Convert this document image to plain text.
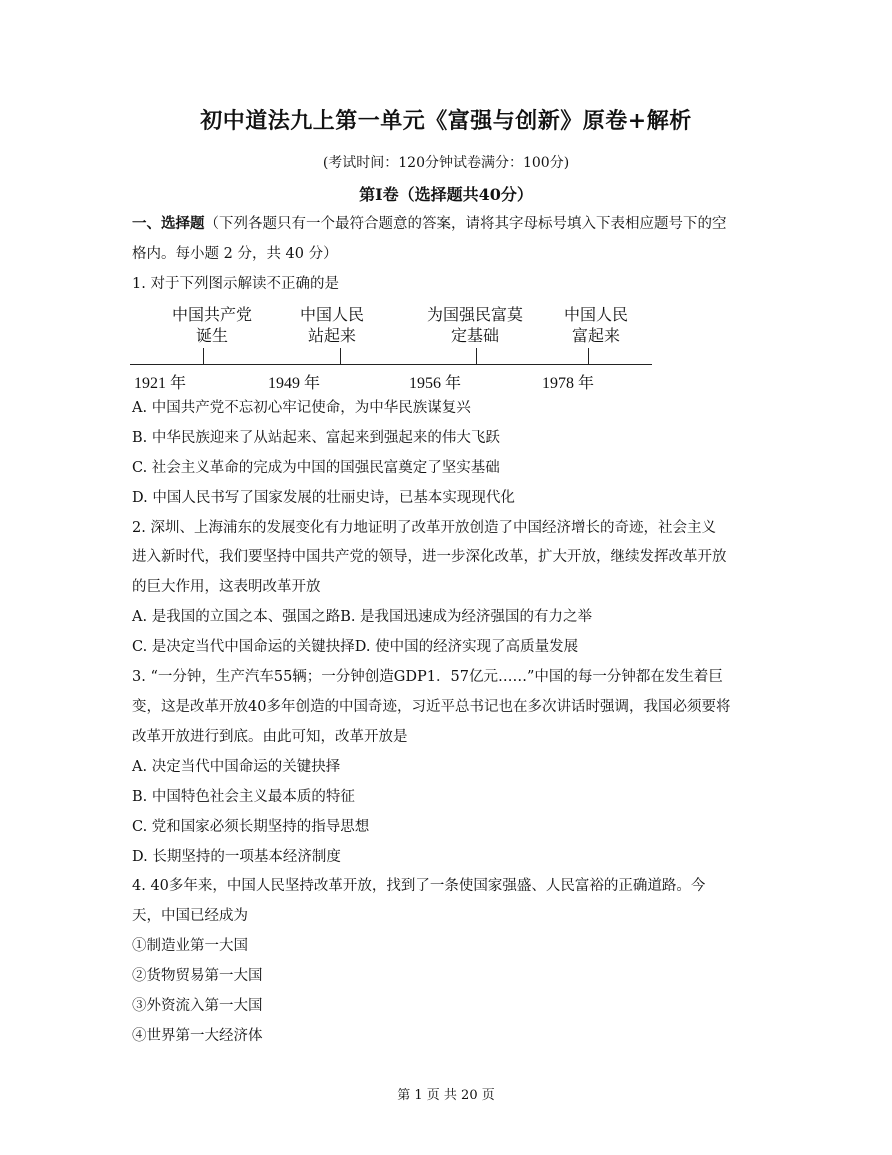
初中道法九上第一单元《富强与创新》原卷+解析
(考试时间：120分钟试卷满分：100分)
第Ⅰ卷（选择题共40分）
一、选择题（下列各题只有一个最符合题意的答案，请将其字母标号填入下表相应题号下的空
格内。每小题 2 分，共 40 分）
1. 对于下列图示解读不正确的是
中国共产党
诞生
中国人民
站起来
为国强民富莫
定基础
中国人民
富起来
1921 年	1949 年	1956 年	1978 年
A. 中国共产党不忘初心牢记使命，为中华民族谋复兴
B. 中华民族迎来了从站起来、富起来到强起来的伟大飞跃
C. 社会主义革命的完成为中国的国强民富奠定了坚实基础
D. 中国人民书写了国家发展的壮丽史诗，已基本实现现代化
2. 深圳、上海浦东的发展变化有力地证明了改革开放创造了中国经济增长的奇迹，社会主义
进入新时代，我们要坚持中国共产党的领导，进一步深化改革，扩大开放，继续发挥改革开放
的巨大作用，这表明改革开放
A. 是我国的立国之本、强国之路B. 是我国迅速成为经济强国的有力之举
C. 是决定当代中国命运的关键抉择D. 使中国的经济实现了高质量发展
3. “一分钟，生产汽车55辆；一分钟创造GDP1．57亿元……”中国的每一分钟都在发生着巨
变，这是改革开放40多年创造的中国奇迹，习近平总书记也在多次讲话时强调，我国必须要将
改革开放进行到底。由此可知，改革开放是
A. 决定当代中国命运的关键抉择
B. 中国特色社会主义最本质的特征
C. 党和国家必须长期坚持的指导思想
D. 长期坚持的一项基本经济制度
4. 40多年来，中国人民坚持改革开放，找到了一条使国家强盛、人民富裕的正确道路。今
天，中国已经成为
①制造业第一大国
②货物贸易第一大国
③外资流入第一大国
④世界第一大经济体
第 1 页 共 20 页
